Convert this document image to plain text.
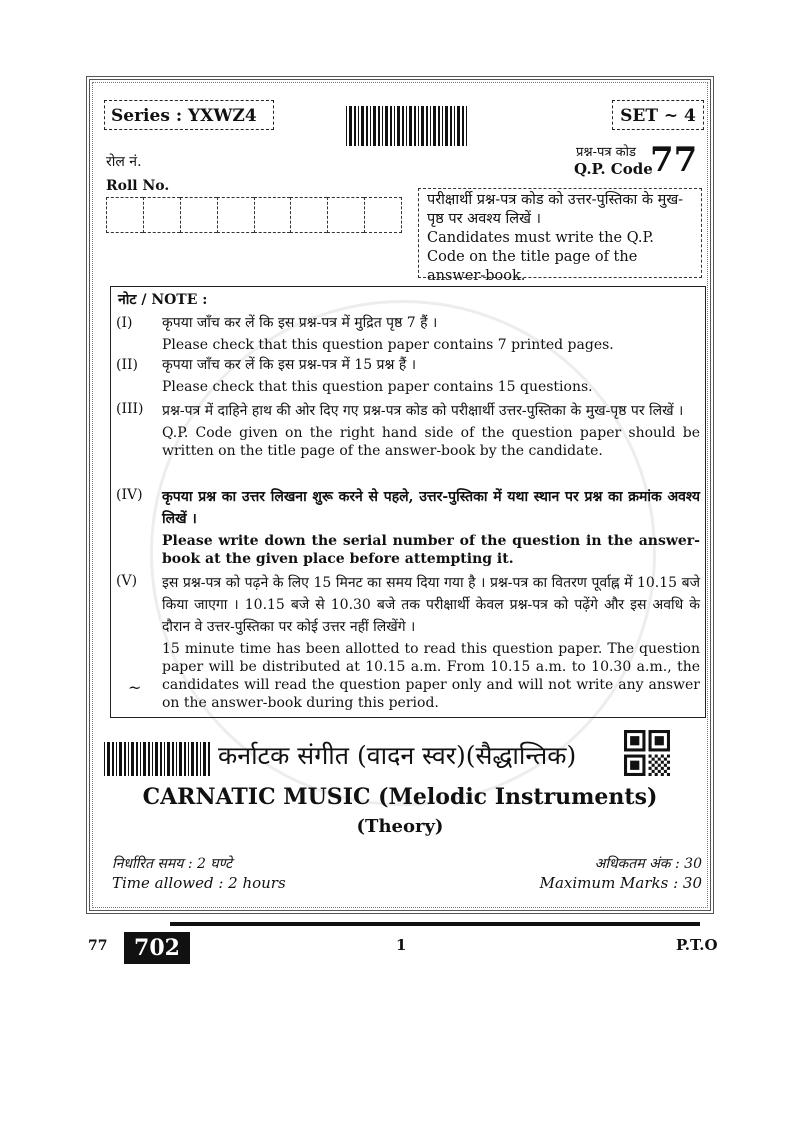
Series : YXWZ4	SET ~ 4
रोल नं.
Roll No.
प्रश्न-पत्र कोड
Q.P. Code
77
परीक्षार्थी प्रश्न-पत्र कोड को उत्तर-पुस्तिका के मुख-पृष्ठ पर अवश्य लिखें ।
Candidates must write the Q.P. Code on the title page of the answer-book.
नोट / NOTE :
(I) कृपया जाँच कर लें कि इस प्रश्न-पत्र में मुद्रित पृष्ठ 7 हैं ।
Please check that this question paper contains 7 printed pages.
(II) कृपया जाँच कर लें कि इस प्रश्न-पत्र में 15 प्रश्न हैं ।
Please check that this question paper contains 15 questions.
(III) प्रश्न-पत्र में दाहिने हाथ की ओर दिए गए प्रश्न-पत्र कोड को परीक्षार्थी उत्तर-पुस्तिका के मुख-पृष्ठ पर लिखें ।
Q.P. Code given on the right hand side of the question paper should be written on the title page of the answer-book by the candidate.
(IV) कृपया प्रश्न का उत्तर लिखना शुरू करने से पहले, उत्तर-पुस्तिका में यथा स्थान पर प्रश्न का क्रमांक अवश्य लिखें ।
Please write down the serial number of the question in the answer-book at the given place before attempting it.
(V) इस प्रश्न-पत्र को पढ़ने के लिए 15 मिनट का समय दिया गया है । प्रश्न-पत्र का वितरण पूर्वाह्न में 10.15 बजे किया जाएगा । 10.15 बजे से 10.30 बजे तक परीक्षार्थी केवल प्रश्न-पत्र को पढ़ेंगे और इस अवधि के दौरान वे उत्तर-पुस्तिका पर कोई उत्तर नहीं लिखेंगे ।
15 minute time has been allotted to read this question paper. The question paper will be distributed at 10.15 a.m. From 10.15 a.m. to 10.30 a.m., the candidates will read the question paper only and will not write any answer on the answer-book during this period.
~
कर्नाटक संगीत (वादन स्वर)(सैद्धान्तिक)
CARNATIC MUSIC (Melodic Instruments)
(Theory)
निर्धारित समय : 2 घण्टे
Time allowed : 2 hours
अधिकतम अंक : 30
Maximum Marks : 30
77	702	1	P.T.O
